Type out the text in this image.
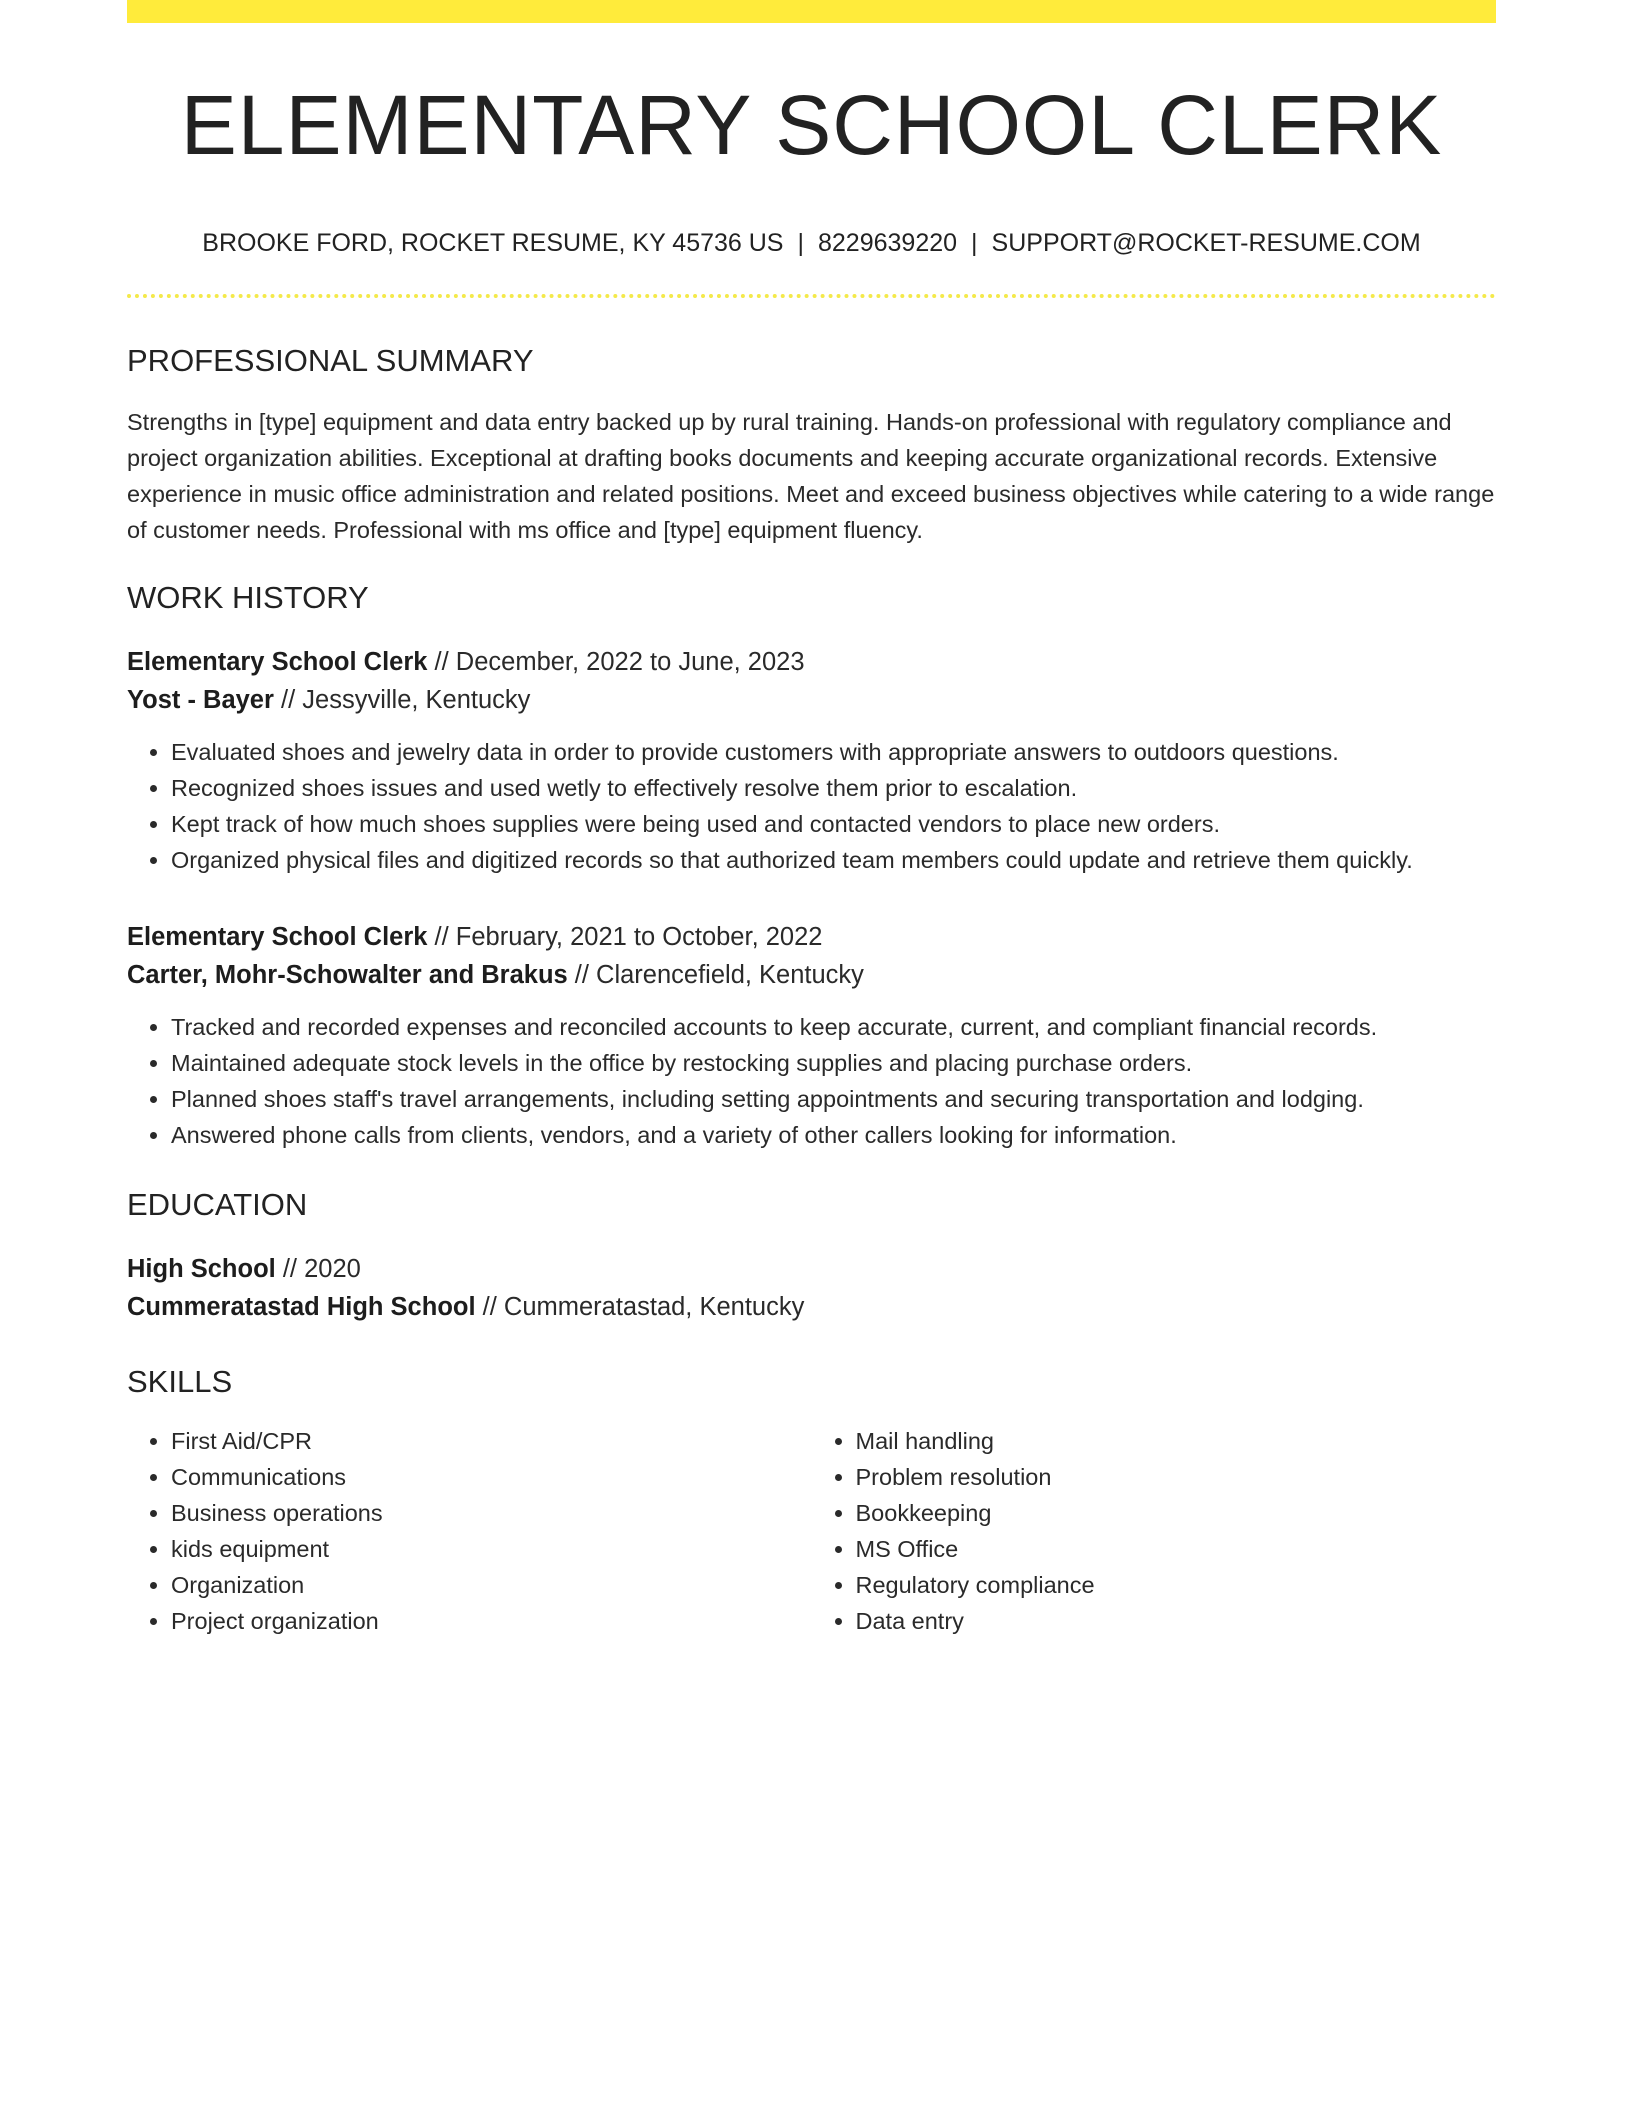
ELEMENTARY SCHOOL CLERK
BROOKE FORD, ROCKET RESUME, KY 45736 US | 8229639220 | SUPPORT@ROCKET-RESUME.COM
PROFESSIONAL SUMMARY

Strengths in [type] equipment and data entry backed up by rural training. Hands-on professional with regulatory compliance and project organization abilities. Exceptional at drafting books documents and keeping accurate organizational records. Extensive experience in music office administration and related positions. Meet and exceed business objectives while catering to a wide range of customer needs. Professional with ms office and [type] equipment fluency.

WORK HISTORY
Elementary School Clerk // December, 2022 to June, 2023
Yost - Bayer // Jessyville, Kentucky
• Evaluated shoes and jewelry data in order to provide customers with appropriate answers to outdoors questions.
• Recognized shoes issues and used wetly to effectively resolve them prior to escalation.
• Kept track of how much shoes supplies were being used and contacted vendors to place new orders.
• Organized physical files and digitized records so that authorized team members could update and retrieve them quickly.
Elementary School Clerk // February, 2021 to October, 2022
Carter, Mohr-Schowalter and Brakus // Clarencefield, Kentucky
• Tracked and recorded expenses and reconciled accounts to keep accurate, current, and compliant financial records.
• Maintained adequate stock levels in the office by restocking supplies and placing purchase orders.
• Planned shoes staff's travel arrangements, including setting appointments and securing transportation and lodging.
• Answered phone calls from clients, vendors, and a variety of other callers looking for information.
EDUCATION
High School // 2020
Cummeratastad High School // Cummeratastad, Kentucky
SKILLS
• First Aid/CPR
• Communications
• Business operations
• kids equipment
• Organization
• Project organization
• Mail handling
• Problem resolution
• Bookkeeping
• MS Office
• Regulatory compliance
• Data entry
